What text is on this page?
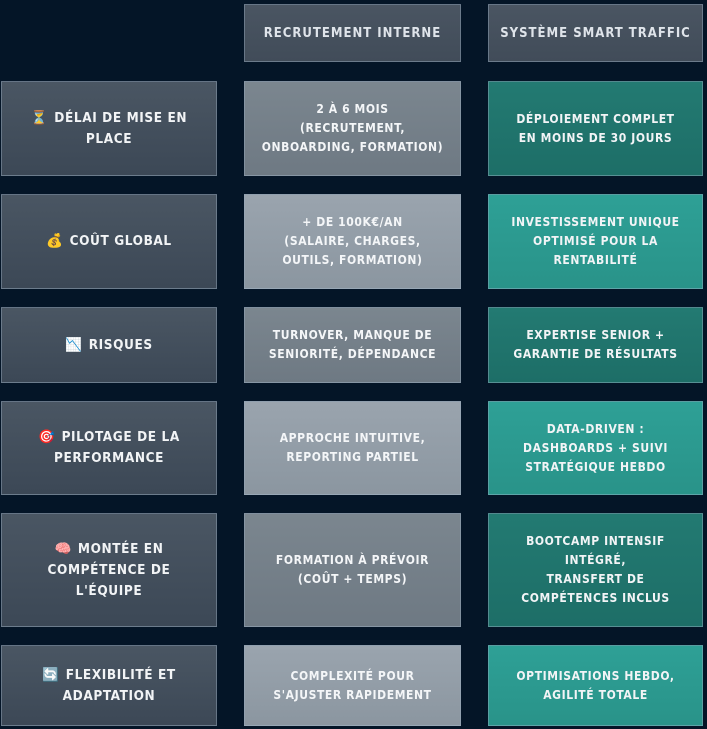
RECRUTEMENT INTERNE	SYSTÈME SMART TRAFFIC
⏳ DÉLAI DE MISE EN PLACE
2 À 6 MOIS
(RECRUTEMENT,
ONBOARDING, FORMATION)
DÉPLOIEMENT COMPLET
EN MOINS DE 30 JOURS
💰 COÛT GLOBAL
+ DE 100K€/AN
(SALAIRE, CHARGES,
OUTILS, FORMATION)
INVESTISSEMENT UNIQUE
OPTIMISÉ POUR LA
RENTABILITÉ
📉 RISQUES
TURNOVER, MANQUE DE
SENIORITÉ, DÉPENDANCE
EXPERTISE SENIOR +
GARANTIE DE RÉSULTATS
🎯 PILOTAGE DE LA PERFORMANCE
APPROCHE INTUITIVE,
REPORTING PARTIEL
DATA-DRIVEN :
DASHBOARDS + SUIVI
STRATÉGIQUE HEBDO
🧠 MONTÉE EN COMPÉTENCE DE L'ÉQUIPE
FORMATION À PRÉVOIR
(COÛT + TEMPS)
BOOTCAMP INTENSIF
INTÉGRÉ,
TRANSFERT DE
COMPÉTENCES INCLUS
🔄 FLEXIBILITÉ ET ADAPTATION
COMPLEXITÉ POUR
S'AJUSTER RAPIDEMENT
OPTIMISATIONS HEBDO,
AGILITÉ TOTALE
